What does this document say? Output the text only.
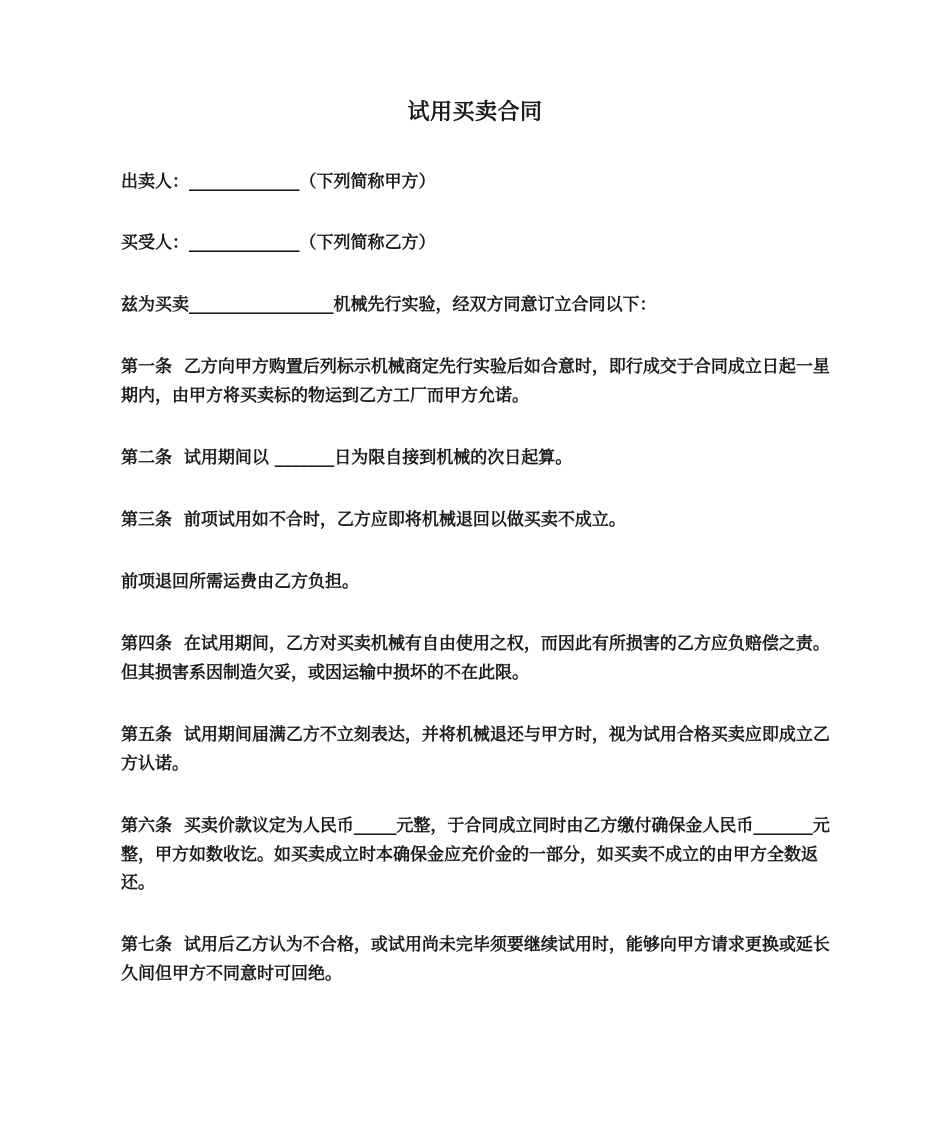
试用买卖合同
出卖人：_____________（下列简称甲方）
买受人：_____________（下列简称乙方）
兹为买卖_________________机械先行实验，经双方同意订立合同以下：
第一条  乙方向甲方购置后列标示机械商定先行实验后如合意时，即行成交于合同成立日起一星期内，由甲方将买卖标的物运到乙方工厂而甲方允诺。
第二条  试用期间以 _______日为限自接到机械的次日起算。
第三条  前项试用如不合时，乙方应即将机械退回以做买卖不成立。
前项退回所需运费由乙方负担。
第四条  在试用期间，乙方对买卖机械有自由使用之权，而因此有所损害的乙方应负赔偿之责。但其损害系因制造欠妥，或因运输中损坏的不在此限。
第五条  试用期间届满乙方不立刻表达，并将机械退还与甲方时，视为试用合格买卖应即成立乙方认诺。
第六条  买卖价款议定为人民币_____元整，于合同成立同时由乙方缴付确保金人民币_______元整，甲方如数收讫。如买卖成立时本确保金应充价金的一部分，如买卖不成立的由甲方全数返还。
第七条  试用后乙方认为不合格，或试用尚未完毕须要继续试用时，能够向甲方请求更换或延长久间但甲方不同意时可回绝。
